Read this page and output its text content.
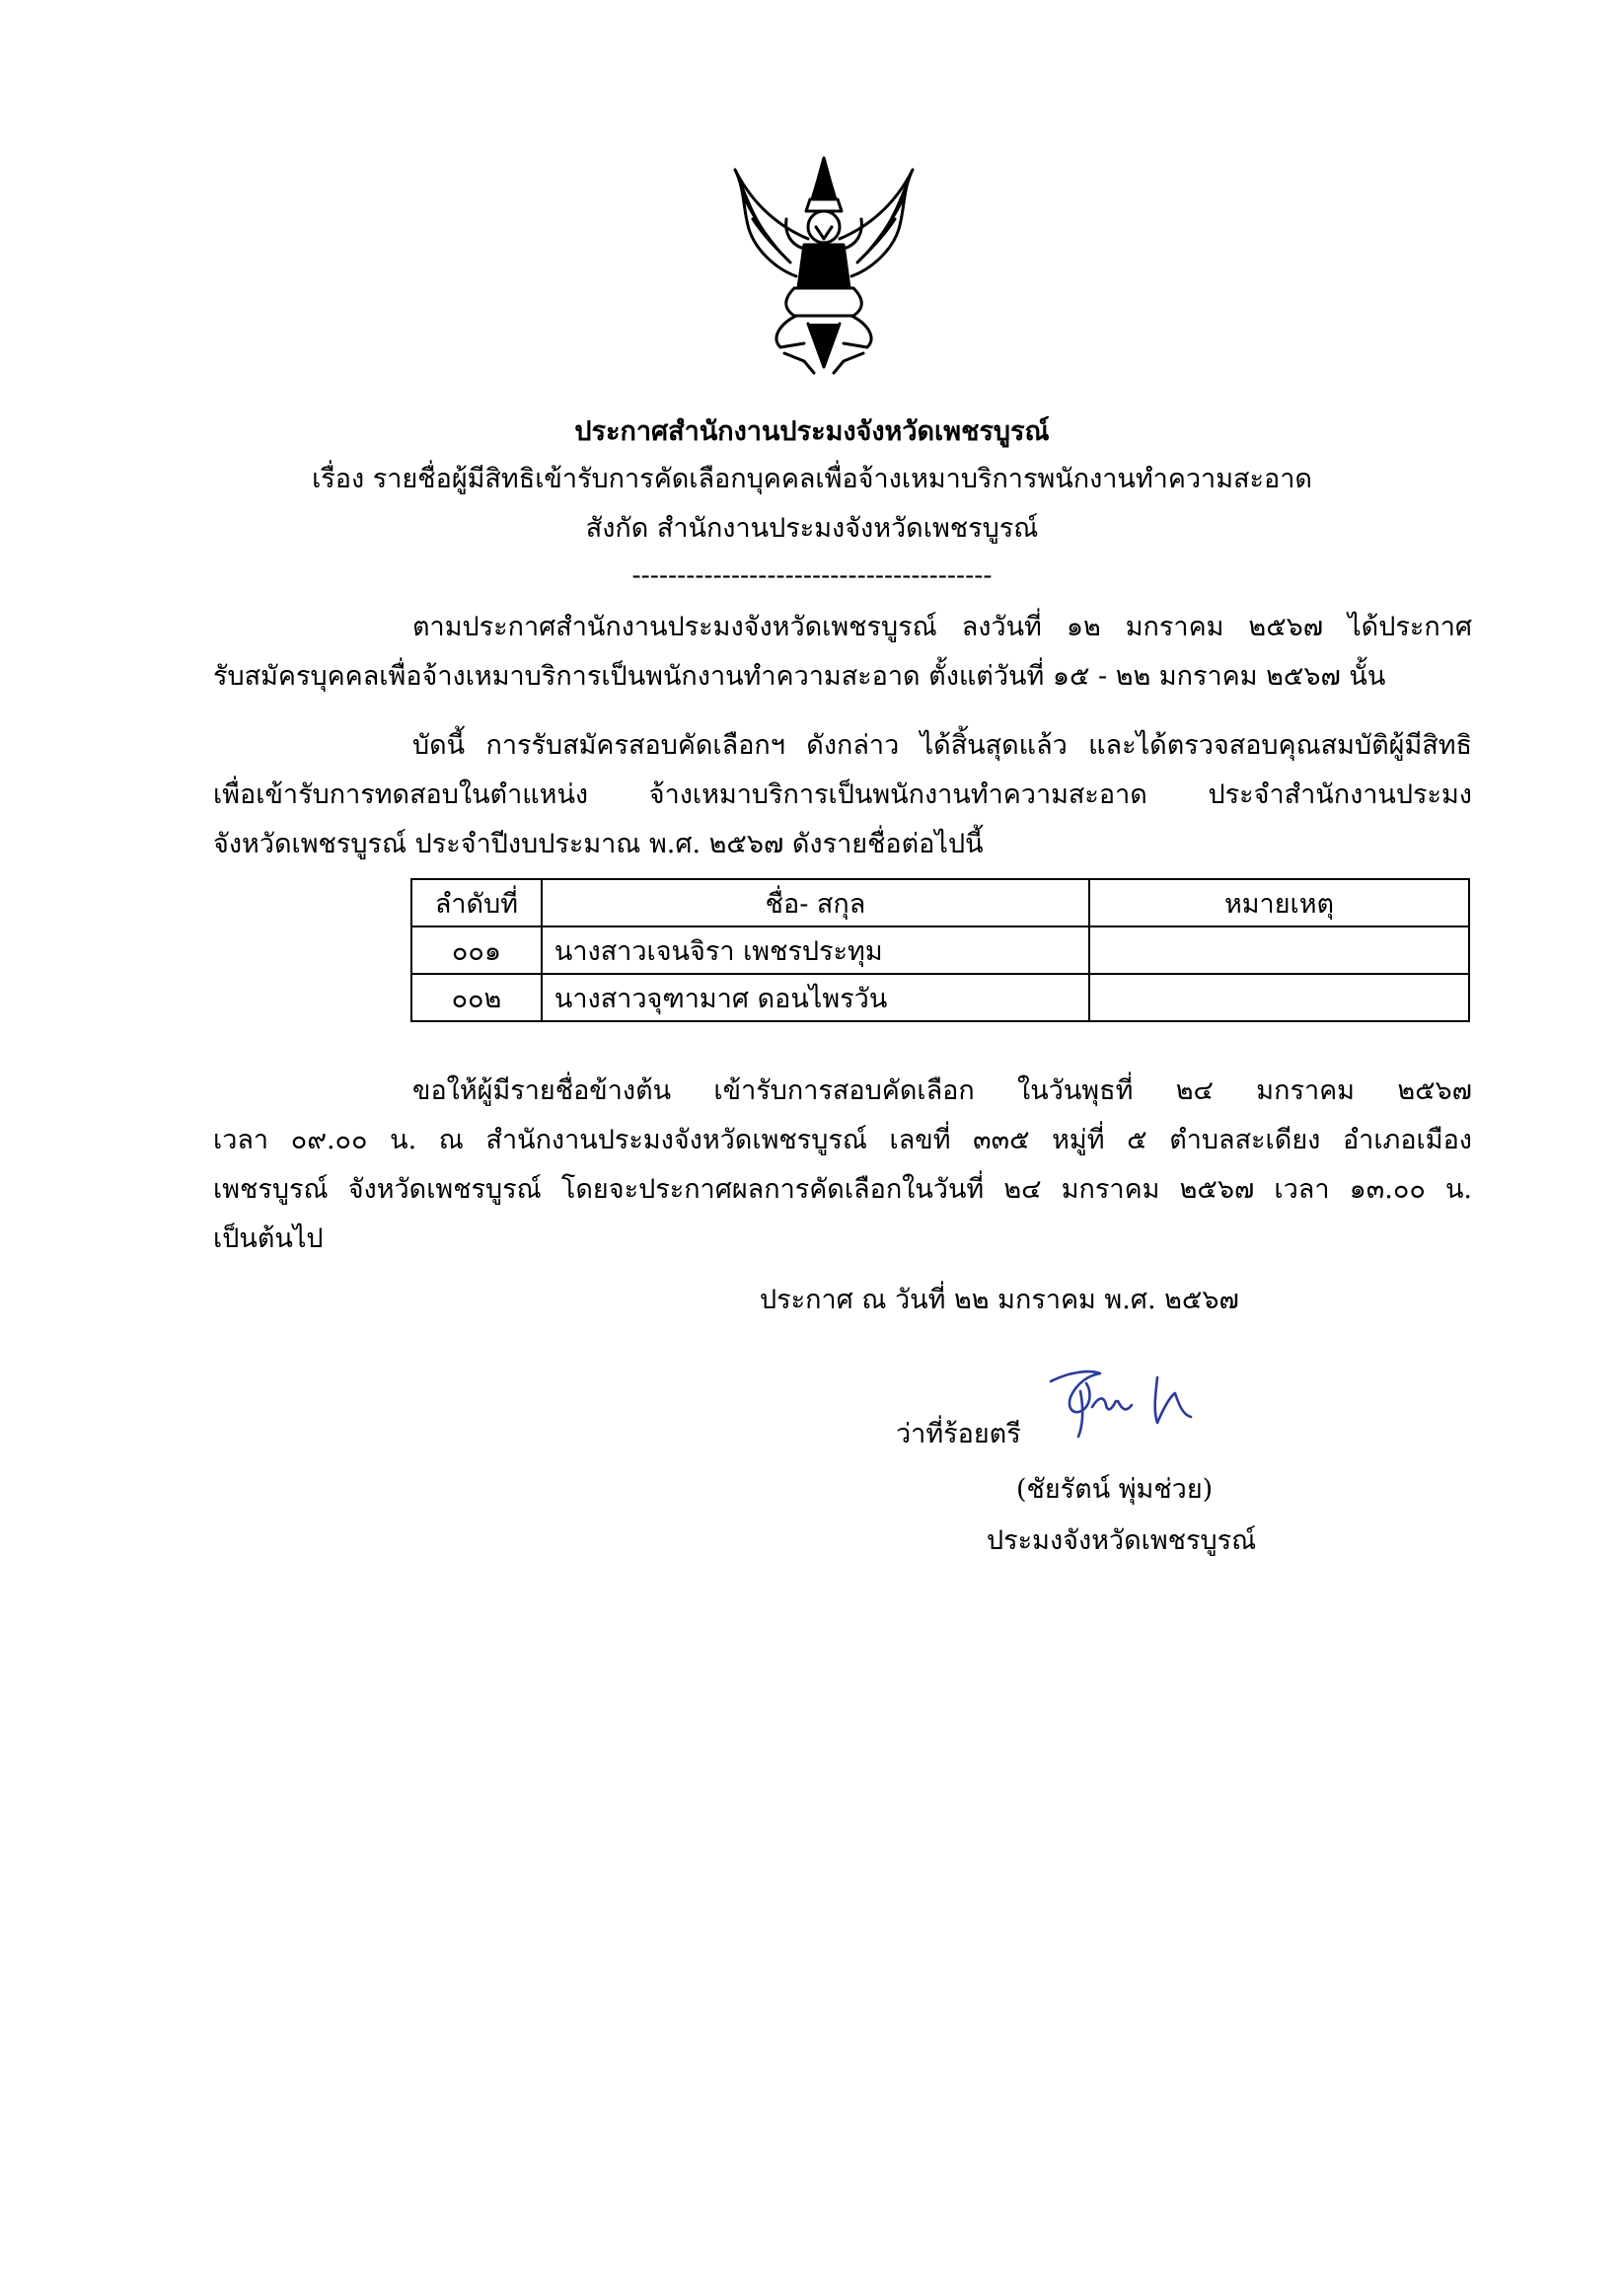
ประกาศสำนักงานประมงจังหวัดเพชรบูรณ์
เรื่อง รายชื่อผู้มีสิทธิเข้ารับการคัดเลือกบุคคลเพื่อจ้างเหมาบริการพนักงานทำความสะอาด
สังกัด สำนักงานประมงจังหวัดเพชรบูรณ์
----------------------------------------
ตามประกาศสำนักงานประมงจังหวัดเพชรบูรณ์ ลงวันที่ ๑๒ มกราคม ๒๕๖๗ ได้ประกาศ
รับสมัครบุคคลเพื่อจ้างเหมาบริการเป็นพนักงานทำความสะอาด ตั้งแต่วันที่ ๑๕ - ๒๒ มกราคม ๒๕๖๗ นั้น
บัดนี้ การรับสมัครสอบคัดเลือกฯ ดังกล่าว ได้สิ้นสุดแล้ว และได้ตรวจสอบคุณสมบัติผู้มีสิทธิ
เพื่อเข้ารับการทดสอบในตำแหน่ง จ้างเหมาบริการเป็นพนักงานทำความสะอาด ประจำสำนักงานประมง
จังหวัดเพชรบูรณ์ ประจำปีงบประมาณ พ.ศ. ๒๕๖๗ ดังรายชื่อต่อไปนี้
ลำดับที่	ชื่อ- สกุล	หมายเหตุ
๐๐๑	นางสาวเจนจิรา เพชรประทุม	
๐๐๒	นางสาวจุฑามาศ ดอนไพรวัน	
ขอให้ผู้มีรายชื่อข้างต้น เข้ารับการสอบคัดเลือก ในวันพุธที่ ๒๔ มกราคม ๒๕๖๗
เวลา ๐๙.๐๐ น. ณ สำนักงานประมงจังหวัดเพชรบูรณ์ เลขที่ ๓๓๕ หมู่ที่ ๕ ตำบลสะเดียง อำเภอเมือง
เพชรบูรณ์ จังหวัดเพชรบูรณ์ โดยจะประกาศผลการคัดเลือกในวันที่ ๒๔ มกราคม ๒๕๖๗ เวลา ๑๓.๐๐ น.
เป็นต้นไป
ประกาศ ณ วันที่ ๒๒ มกราคม พ.ศ. ๒๕๖๗
ว่าที่ร้อยตรี
(ชัยรัตน์ พุ่มช่วย)
ประมงจังหวัดเพชรบูรณ์
